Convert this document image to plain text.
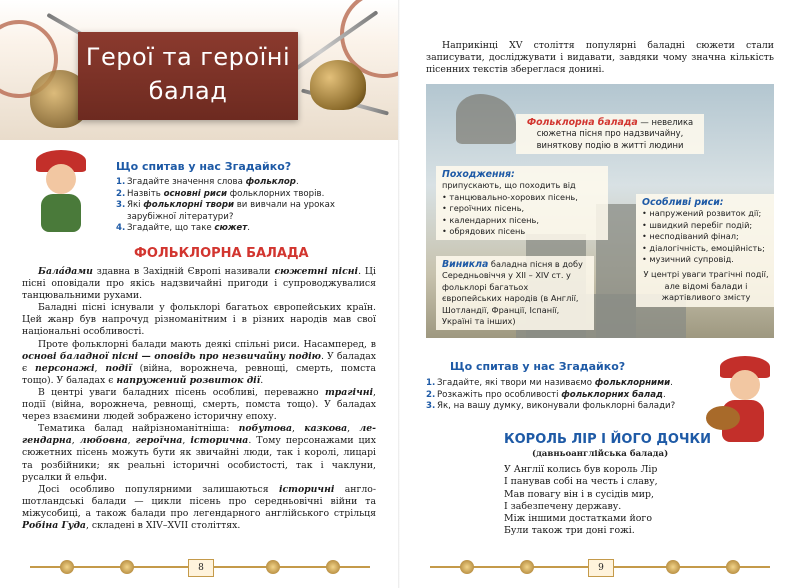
Герої та героїні
балад
Що спитав у нас Згадайко?
1. Згадайте значення слова фольклор.
2. Назвіть основні риси фольклорних творів.
3. Які фольклорні твори ви вивчали на уроках зарубіжної літератури?
4. Згадайте, що таке сюжет.
ФОЛЬКЛОРНА БАЛАДА

Бала́дами здавна в Західній Європі називали сюжетні пісні. Ці пісні оповідали про якісь надзвичайні пригоди і супроводжувалися танцювальними рухами.

Баладні пісні існували у фольклорі багатьох європейських країн. Цей жанр був напрочуд різноманітним і в різних народів мав свої національні особливості.

Проте фольклорні балади мають деякі спільні риси. Насамперед, в основі баладної пісні — оповідь про незвичайну подію. У баладах є персонажі, події (війна, ворожнеча, ревнощі, смерть, помста тощо). У баладах є напружений розвиток дії.

В центрі уваги баладних пісень особливі, переважно трагічні, події (війна, ворожнеча, ревнощі, смерть, помста тощо). У баладах через взаємини людей зображено історичну епоху.

Тематика балад найрізноманітніша: побутова, казкова, легендарна, любовна, героїчна, історична. Тому персонажами цих сюжетних пісень можуть бути як звичайні люди, так і королі, лицарі та розбійники; як реальні історичні особистості, так і чаклуни, русалки й ельфи.

Досі особливо популярними залишаються історичні англо-шотландські балади — цикли пісень про середньовічні війни та міжусобиці, а також балади про легендарного англійського стрільця Робіна Гуда, складені в XIV–XVII століттях.

8

Наприкінці XV століття популярні баладні сюжети стали записувати, досліджувати і видавати, завдяки чому значна кількість пісенних текстів збереглася донині.

Фольклорна балада — невелика сюжетна пісня про надзвичайну, виняткову подію в житті людини
Походження:
припускають, що походить від
• танцювально-хорових пісень,
• героїчних пісень,
• календарних пісень,
• обрядових пісень
Особливі риси:
• напружений розвиток дії;
• швидкий перебіг подій;
• несподіваний фінал;
• діалогічність, емоційність;
• музичний супровід.
У центрі уваги трагічні події, але відомі балади і жартівливого змісту
Виникла баладна пісня в добу Середньовіччя у XII – XIV ст. у фольклорі багатьох європейських народів (в Англії, Шотландії, Франції, Іспанії, Україні та інших)
Що спитав у нас Згадайко?
1. Згадайте, які твори ми називаємо фольклорними.
2. Розкажіть про особливості фольклорних балад.
3. Як, на вашу думку, виконували фольклорні балади?
КОРОЛЬ ЛІР І ЙОГО ДОЧКИ
(давньоанглійська балада)
У Англії колись був король Лір
І панував собі на честь і славу,
Мав повагу він і в сусідів мир,
І забезпечену державу.
Між іншими достатками його
Були також три доні гожі.
9
